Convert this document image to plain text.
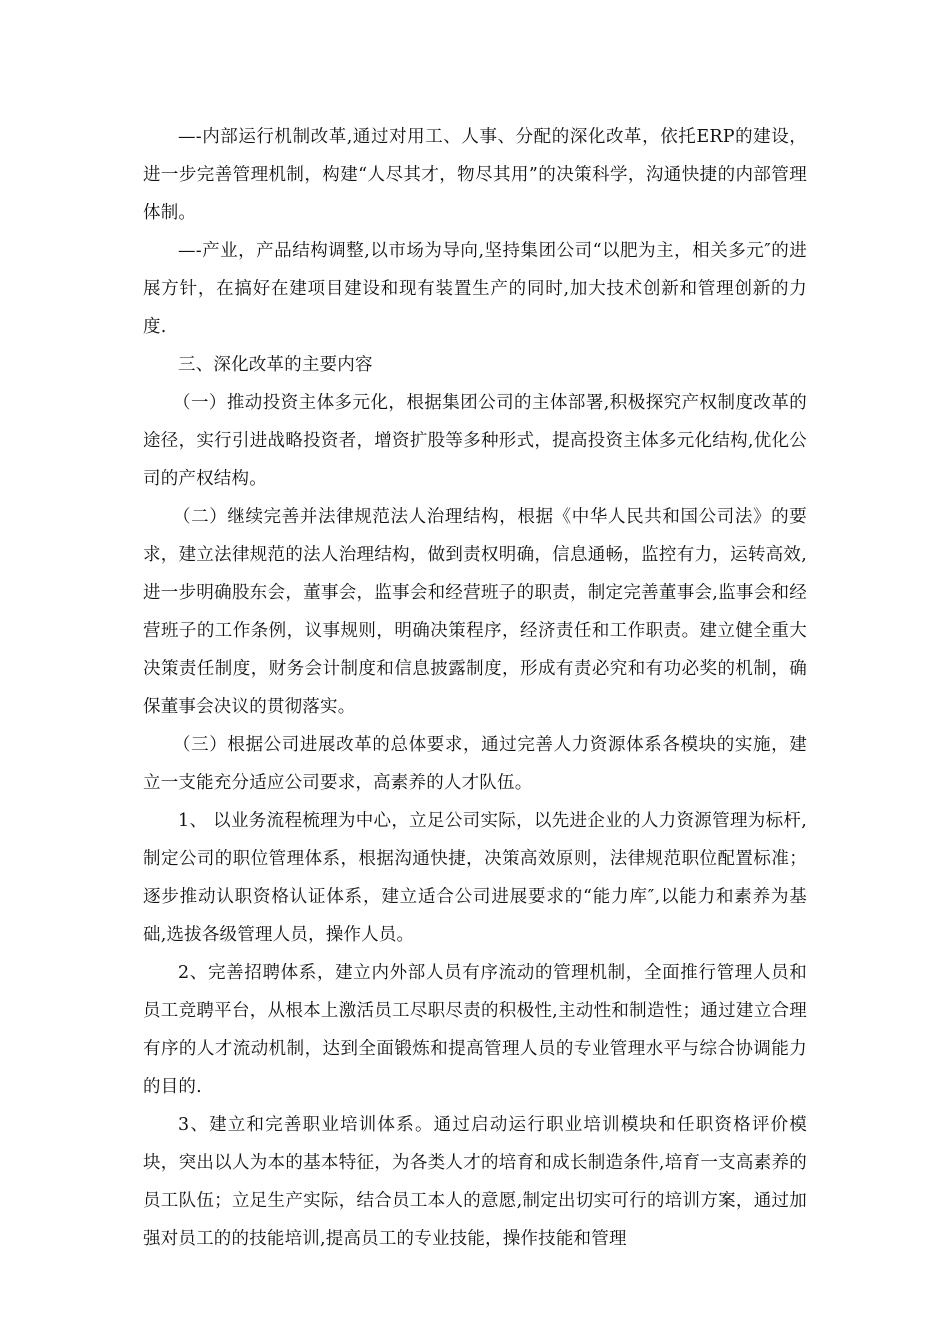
—-内部运行机制改革,通过对用工、人事、分配的深化改革，依托ERP的建设，进一步完善管理机制，构建“人尽其才，物尽其用”的决策科学，沟通快捷的内部管理体制。

—-产业，产品结构调整,以市场为导向,坚持集团公司“以肥为主，相关多元″的进展方针，在搞好在建项目建设和现有装置生产的同时,加大技术创新和管理创新的力度.

三、深化改革的主要内容

（一）推动投资主体多元化，根据集团公司的主体部署,积极探究产权制度改革的途径，实行引进战略投资者，增资扩股等多种形式，提高投资主体多元化结构,优化公司的产权结构。

（二）继续完善并法律规范法人治理结构，根据《中华人民共和国公司法》的要求，建立法律规范的法人治理结构，做到责权明确，信息通畅，监控有力，运转高效,进一步明确股东会，董事会，监事会和经营班子的职责，制定完善董事会,监事会和经营班子的工作条例，议事规则，明确决策程序，经济责任和工作职责。建立健全重大决策责任制度，财务会计制度和信息披露制度，形成有责必究和有功必奖的机制，确保董事会决议的贯彻落实。

（三）根据公司进展改革的总体要求，通过完善人力资源体系各模块的实施，建立一支能充分适应公司要求，高素养的人才队伍。

1、 以业务流程梳理为中心，立足公司实际，以先进企业的人力资源管理为标杆,制定公司的职位管理体系，根据沟通快捷，决策高效原则，法律规范职位配置标准；逐步推动认职资格认证体系，建立适合公司进展要求的“能力库″,以能力和素养为基础,选拔各级管理人员，操作人员。

2、完善招聘体系，建立内外部人员有序流动的管理机制，全面推行管理人员和员工竞聘平台，从根本上激活员工尽职尽责的积极性,主动性和制造性；通过建立合理有序的人才流动机制，达到全面锻炼和提高管理人员的专业管理水平与综合协调能力的目的.

3、建立和完善职业培训体系。通过启动运行职业培训模块和任职资格评价模块，突出以人为本的基本特征，为各类人才的培育和成长制造条件,培育一支高素养的员工队伍；立足生产实际，结合员工本人的意愿,制定出切实可行的培训方案，通过加强对员工的的技能培训,提高员工的专业技能，操作技能和管理
